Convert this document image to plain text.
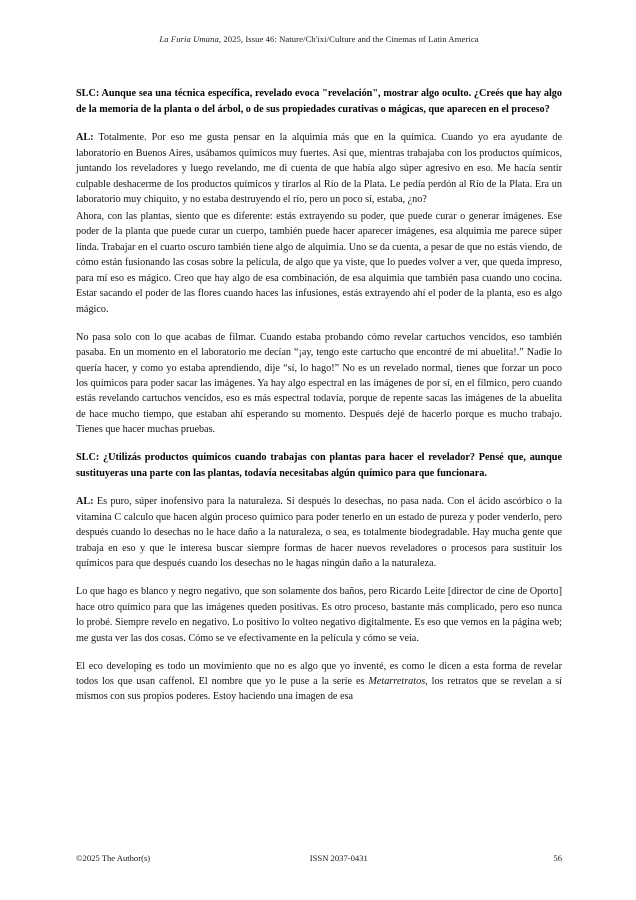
La Furia Umana, 2025, Issue 46: Nature/Ch'ixi/Culture and the Cinemas of Latin America

SLC: Aunque sea una técnica específica, revelado evoca "revelación", mostrar algo oculto. ¿Creés que hay algo de la memoria de la planta o del árbol, o de sus propiedades curativas o mágicas, que aparecen en el proceso?

AL: Totalmente. Por eso me gusta pensar en la alquimia más que en la química. Cuando yo era ayudante de laboratorio en Buenos Aires, usábamos químicos muy fuertes. Así que, mientras trabajaba con los productos químicos, juntando los reveladores y luego revelando, me di cuenta de que había algo súper agresivo en eso. Me hacía sentir culpable deshacerme de los productos químicos y tirarlos al Río de la Plata. Le pedía perdón al Río de la Plata. Era un laboratorio muy chiquito, y no estaba destruyendo el río, pero un poco sí, estaba, ¿no?

Ahora, con las plantas, siento que es diferente: estás extrayendo su poder, que puede curar o generar imágenes. Ese poder de la planta que puede curar un cuerpo, también puede hacer aparecer imágenes, esa alquimia me parece súper linda. Trabajar en el cuarto oscuro también tiene algo de alquimia. Uno se da cuenta, a pesar de que no estás viendo, de cómo están fusionando las cosas sobre la película, de algo que ya viste, que lo puedes volver a ver, que queda impreso, para mí eso es mágico. Creo que hay algo de esa combinación, de esa alquimia que también pasa cuando uno cocina. Estar sacando el poder de las flores cuando haces las infusiones, estás extrayendo ahí el poder de la planta, eso es algo mágico.

No pasa solo con lo que acabas de filmar. Cuando estaba probando cómo revelar cartuchos vencidos, eso también pasaba. En un momento en el laboratorio me decían “¡ay, tengo este cartucho que encontré de mi abuelita!.” Nadie lo quería hacer, y como yo estaba aprendiendo, dije “sí, lo hago!” No es un revelado normal, tienes que forzar un poco los químicos para poder sacar las imágenes. Ya hay algo espectral en las imágenes de por sí, en el fílmico, pero cuando estás revelando cartuchos vencidos, eso es más espectral todavía, porque de repente sacas las imágenes de la abuelita de hace mucho tiempo, que estaban ahí esperando su momento. Después dejé de hacerlo porque es mucho trabajo. Tienes que hacer muchas pruebas.

SLC: ¿Utilizás productos químicos cuando trabajas con plantas para hacer el revelador? Pensé que, aunque sustituyeras una parte con las plantas, todavía necesitabas algún químico para que funcionara.

AL: Es puro, súper inofensivo para la naturaleza. Si después lo desechas, no pasa nada. Con el ácido ascórbico o la vitamina C calculo que hacen algún proceso químico para poder tenerlo en un estado de pureza y poder venderlo, pero después cuando lo desechas no le hace daño a la naturaleza, o sea, es totalmente biodegradable. Hay mucha gente que trabaja en eso y que le interesa buscar siempre formas de hacer nuevos reveladores o procesos para sustituir los químicos para que después cuando los desechas no le hagas ningún daño a la naturaleza.

Lo que hago es blanco y negro negativo, que son solamente dos baños, pero Ricardo Leite [director de cine de Oporto] hace otro químico para que las imágenes queden positivas. Es otro proceso, bastante más complicado, pero eso nunca lo probé. Siempre revelo en negativo. Lo positivo lo volteo negativo digitalmente. Es eso que vemos en la página web; me gusta ver las dos cosas. Cómo se ve efectivamente en la película y cómo se veía.

El eco developing es todo un movimiento que no es algo que yo inventé, es como le dicen a esta forma de revelar todos los que usan caffenol. El nombre que yo le puse a la serie es Metarretratos, los retratos que se revelan a sí mismos con sus propios poderes. Estoy haciendo una imagen de esa

©2025 The Author(s)	ISSN 2037-0431	56
